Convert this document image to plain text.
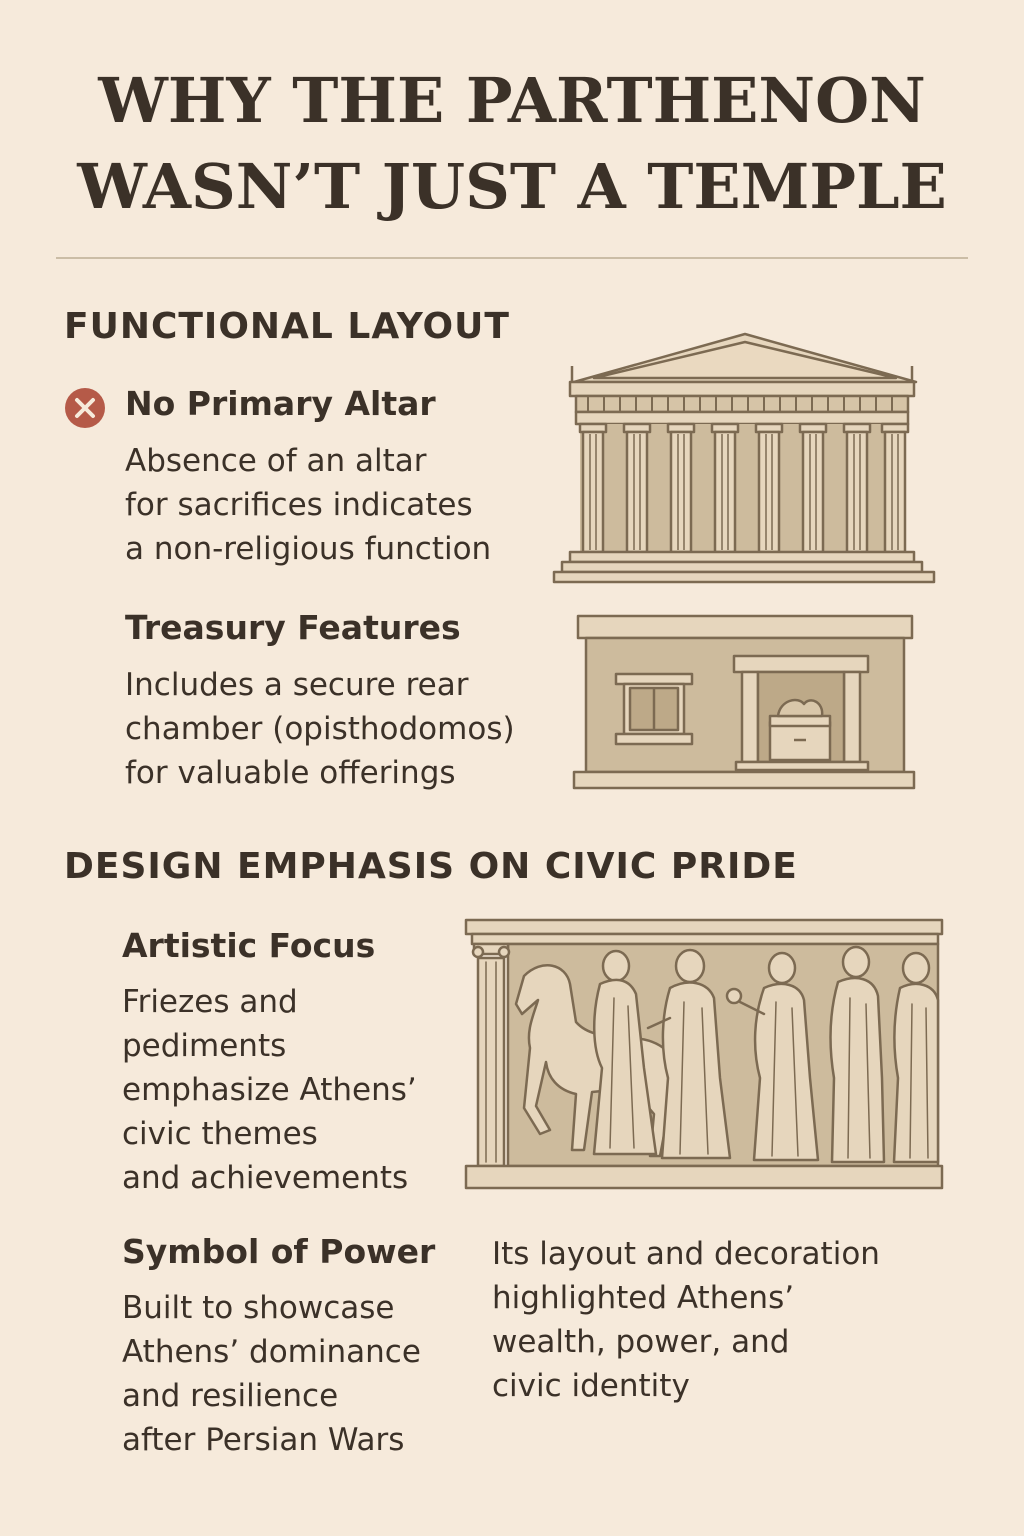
WHY THE PARTHENON
WASN’T JUST A TEMPLE
FUNCTIONAL LAYOUT
No Primary Altar
Absence of an altar
for sacrifices indicates
a non-religious function
Treasury Features
Includes a secure rear
chamber (opisthodomos)
for valuable offerings
DESIGN EMPHASIS ON CIVIC PRIDE
Artistic Focus
Friezes and
pediments
emphasize Athens’
civic themes
and achievements
Symbol of Power
Built to showcase
Athens’ dominance
and resilience
after Persian Wars
Its layout and decoration
highlighted Athens’
wealth, power, and
civic identity
